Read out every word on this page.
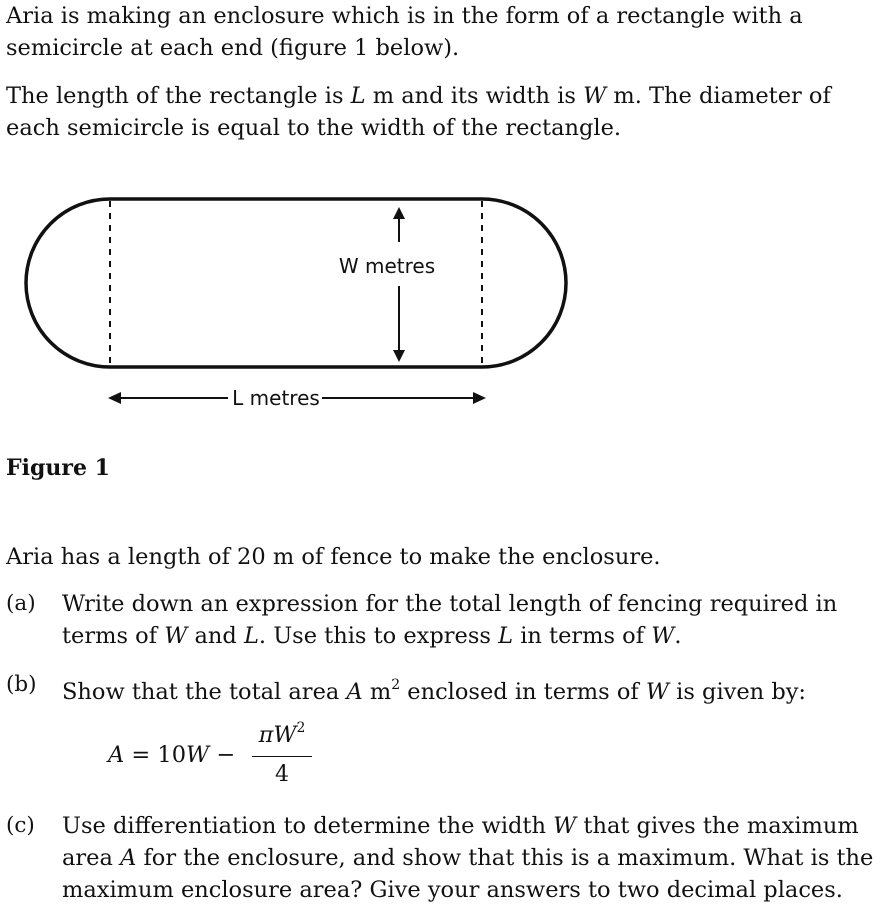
Aria is making an enclosure which is in the form of a rectangle with a
semicircle at each end (figure 1 below).
The length of the rectangle is L m and its width is W m. The diameter of
each semicircle is equal to the width of the rectangle.
W metres
L metres
Figure 1
Aria has a length of 20 m of fence to make the enclosure.
(a) Write down an expression for the total length of fencing required in
terms of W and L. Use this to express L in terms of W.
(b) Show that the total area A $m^2$ enclosed in terms of W is given by:
A = 10W −
$\pi W^2$
4
(c) Use differentiation to determine the width W that gives the maximum
area A for the enclosure, and show that this is a maximum. What is the
maximum enclosure area? Give your answers to two decimal places.
